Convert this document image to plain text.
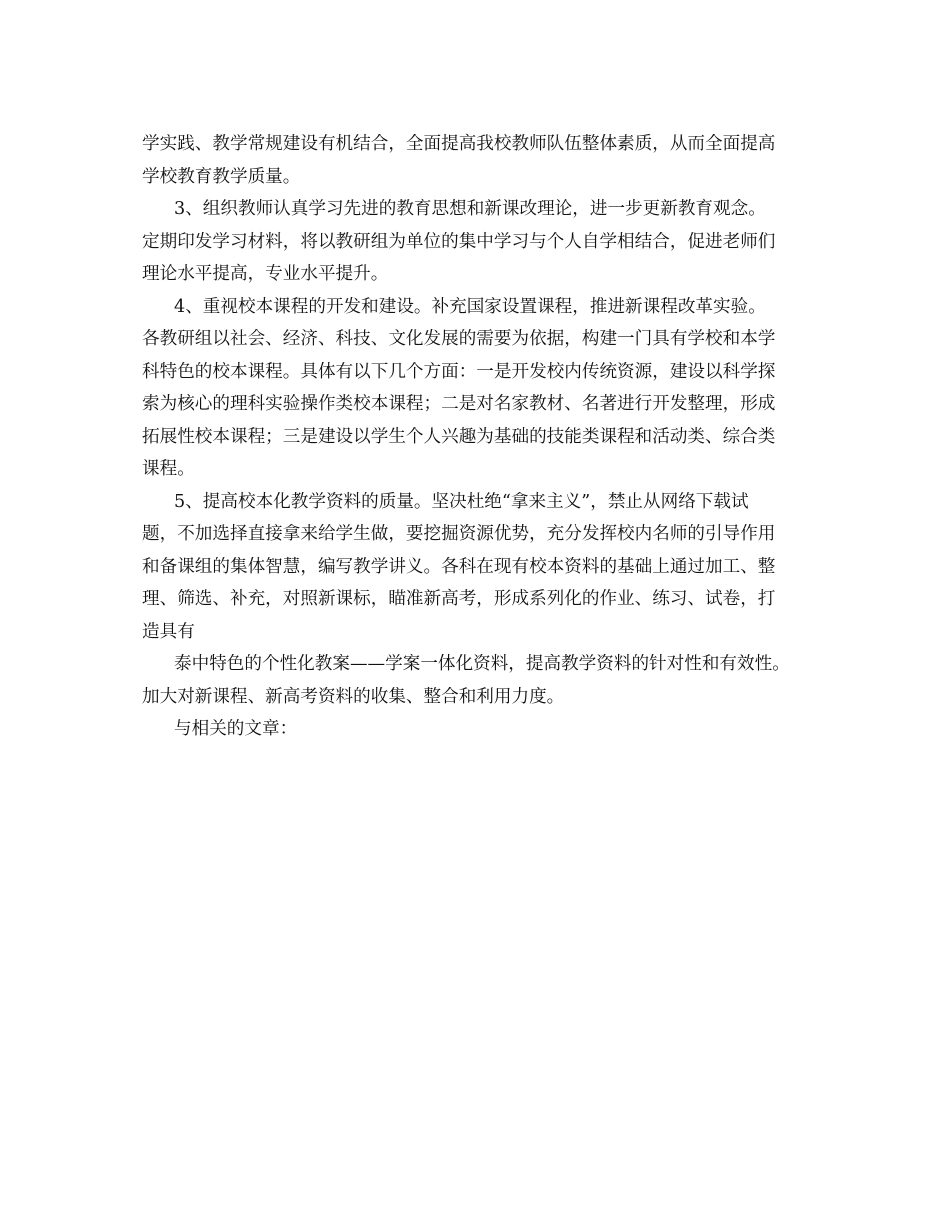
学实践、教学常规建设有机结合，全面提高我校教师队伍整体素质，从而全面提高
学校教育教学质量。
3、组织教师认真学习先进的教育思想和新课改理论，进一步更新教育观念。
定期印发学习材料，将以教研组为单位的集中学习与个人自学相结合，促进老师们
理论水平提高，专业水平提升。
4、重视校本课程的开发和建设。补充国家设置课程，推进新课程改革实验。
各教研组以社会、经济、科技、文化发展的需要为依据，构建一门具有学校和本学
科特色的校本课程。具体有以下几个方面：一是开发校内传统资源，建设以科学探
索为核心的理科实验操作类校本课程；二是对名家教材、名著进行开发整理，形成
拓展性校本课程；三是建设以学生个人兴趣为基础的技能类课程和活动类、综合类
课程。
5、提高校本化教学资料的质量。坚决杜绝“拿来主义”，禁止从网络下载试
题，不加选择直接拿来给学生做，要挖掘资源优势，充分发挥校内名师的引导作用
和备课组的集体智慧，编写教学讲义。各科在现有校本资料的基础上通过加工、整
理、筛选、补充，对照新课标，瞄准新高考，形成系列化的作业、练习、试卷，打
造具有
泰中特色的个性化教案——学案一体化资料，提高教学资料的针对性和有效性。
加大对新课程、新高考资料的收集、整合和利用力度。
与相关的文章：
